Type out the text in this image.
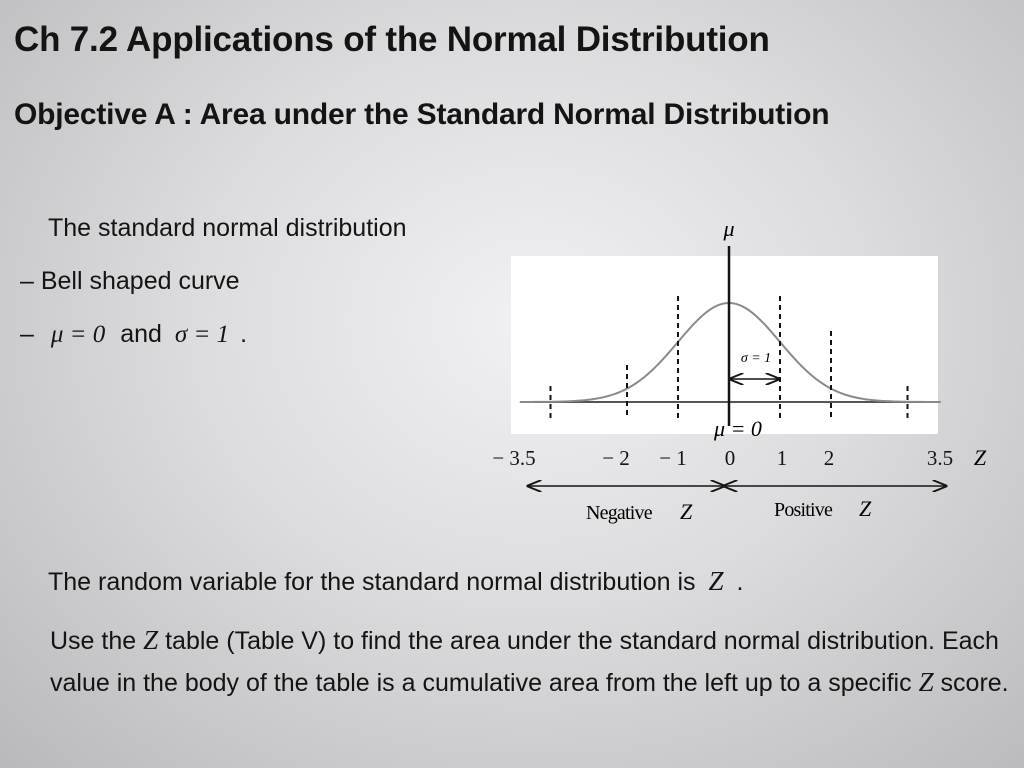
Ch 7.2 Applications of the Normal Distribution
Objective A : Area under the Standard Normal Distribution
The standard normal distribution
– Bell shaped curve
– μ = 0 and σ = 1 .
− 3.5	− 2 − 1 0 1 2	3.5
μ
σ = 1
μ = 0
Z
Negative Z	Positive Z
The random variable for the standard normal distribution is Z .
Use the Z table (Table V) to find the area under the standard normal distribution. Each value in the body of the table is a cumulative area from the left up to a specific Z score.
